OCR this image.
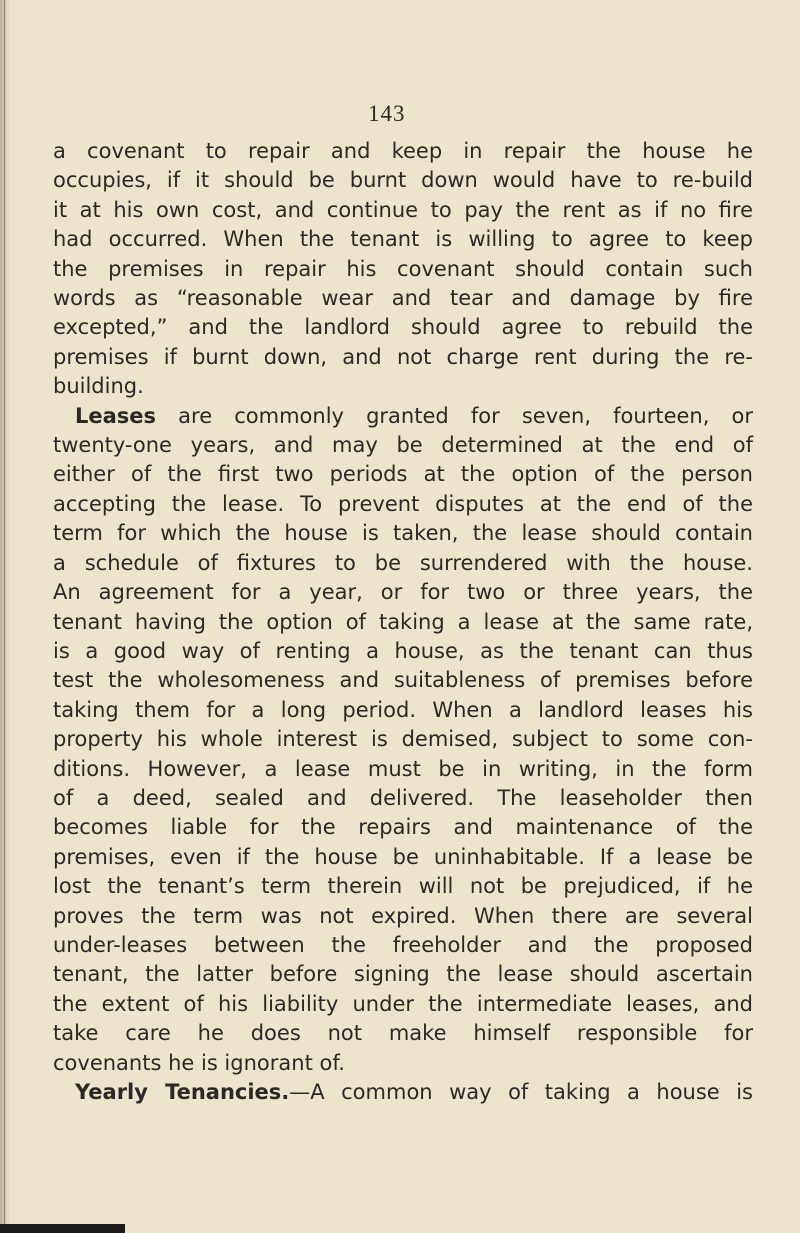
143
a covenant to repair and keep in repair the house he
occupies, if it should be burnt down would have to re-build
it at his own cost, and continue to pay the rent as if no fire
had occurred. When the tenant is willing to agree to keep
the premises in repair his covenant should contain such
words as “reasonable wear and tear and damage by fire
excepted,” and the landlord should agree to rebuild the
premises if burnt down, and not charge rent during the re-
building.
Leases are commonly granted for seven, fourteen, or
twenty-one years, and may be determined at the end of
either of the first two periods at the option of the person
accepting the lease. To prevent disputes at the end of the
term for which the house is taken, the lease should contain
a schedule of fixtures to be surrendered with the house.
An agreement for a year, or for two or three years, the
tenant having the option of taking a lease at the same rate,
is a good way of renting a house, as the tenant can thus
test the wholesomeness and suitableness of premises before
taking them for a long period. When a landlord leases his
property his whole interest is demised, subject to some con-
ditions. However, a lease must be in writing, in the form
of a deed, sealed and delivered. The leaseholder then
becomes liable for the repairs and maintenance of the
premises, even if the house be uninhabitable. If a lease be
lost the tenant’s term therein will not be prejudiced, if he
proves the term was not expired. When there are several
under-leases between the freeholder and the proposed
tenant, the latter before signing the lease should ascertain
the extent of his liability under the intermediate leases, and
take care he does not make himself responsible for
covenants he is ignorant of.
Yearly Tenancies.—A common way of taking a house is
